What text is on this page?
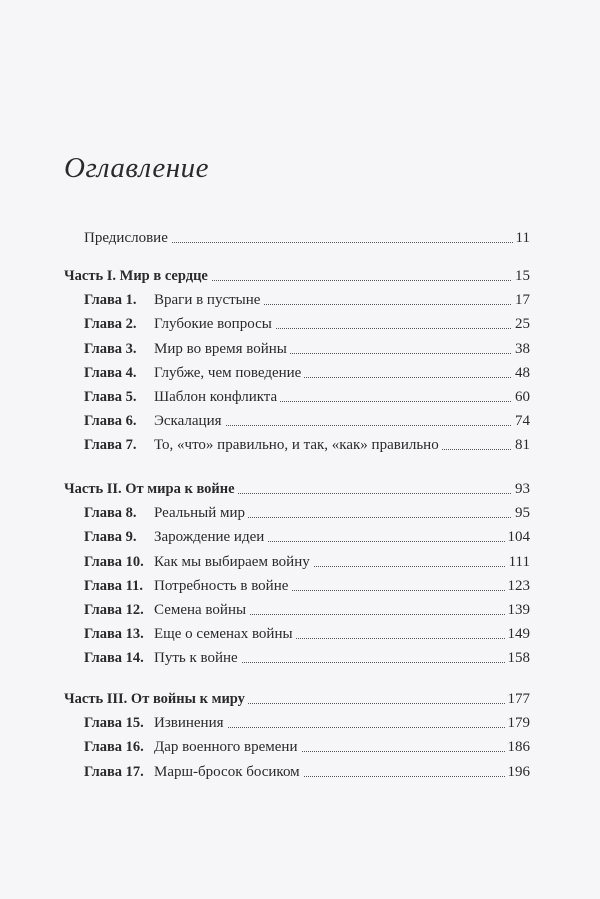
Оглавление
Предисловие	11
Часть I. Мир в сердце	15
Глава 1. Враги в пустыне	17
Глава 2. Глубокие вопросы	25
Глава 3. Мир во время войны	38
Глава 4. Глубже, чем поведение	48
Глава 5. Шаблон конфликта	60
Глава 6. Эскалация	74
Глава 7. То, «что» правильно, и так, «как» правильно	81
Часть II. От мира к войне	93
Глава 8. Реальный мир	95
Глава 9. Зарождение идеи	104
Глава 10. Как мы выбираем войну	111
Глава 11. Потребность в войне	123
Глава 12. Семена войны	139
Глава 13. Еще о семенах войны	149
Глава 14. Путь к войне	158
Часть III. От войны к миру	177
Глава 15. Извинения	179
Глава 16. Дар военного времени	186
Глава 17. Марш-бросок босиком	196
